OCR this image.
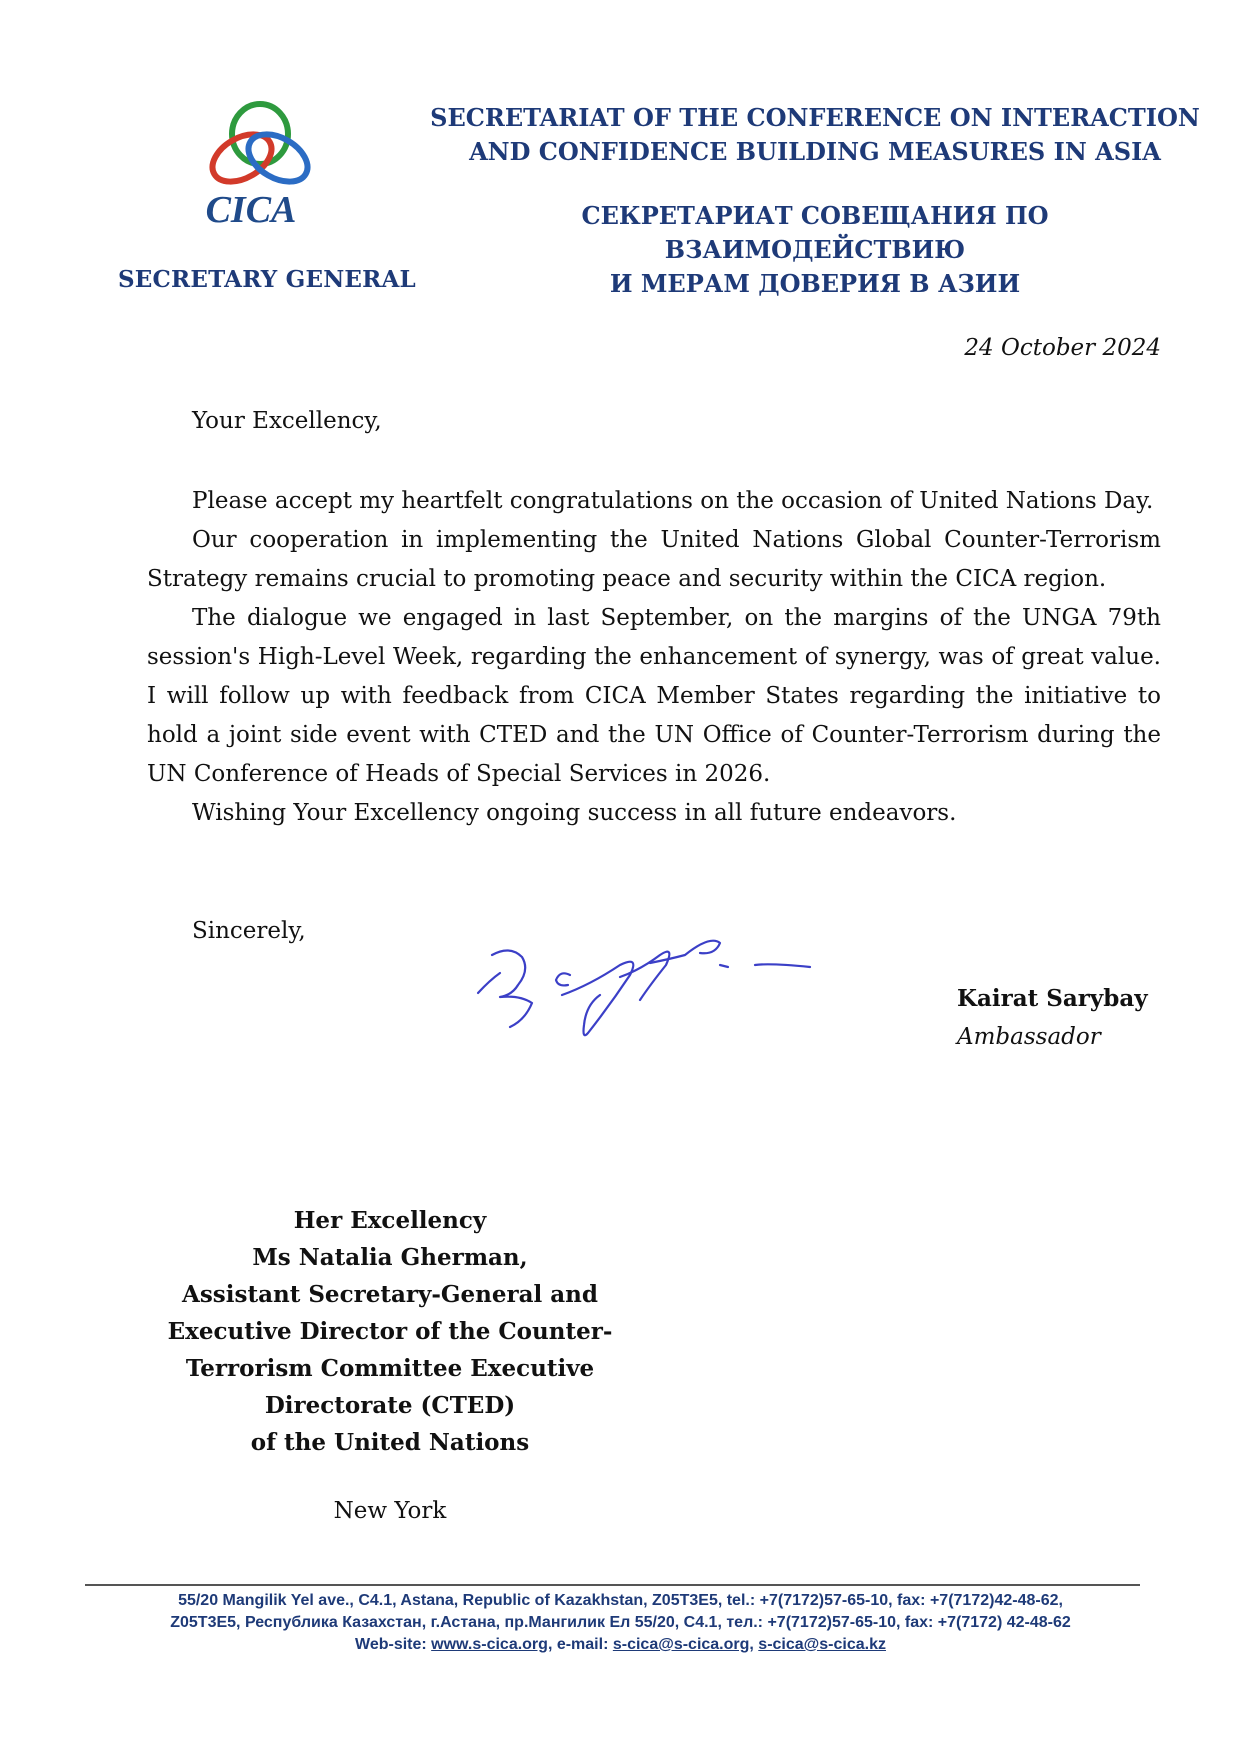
CICA
SECRETARY GENERAL
SECRETARIAT OF THE CONFERENCE ON INTERACTION
AND CONFIDENCE BUILDING MEASURES IN ASIA
СЕКРЕТАРИАТ СОВЕЩАНИЯ ПО ВЗАИМОДЕЙСТВИЮ
И МЕРАМ ДОВЕРИЯ В АЗИИ
24 October 2024
Your Excellency,

Please accept my heartfelt congratulations on the occasion of United Nations Day.

Our cooperation in implementing the United Nations Global Counter-Terrorism Strategy remains crucial to promoting peace and security within the CICA region.

The dialogue we engaged in last September, on the margins of the UNGA 79th session's High-Level Week, regarding the enhancement of synergy, was of great value. I will follow up with feedback from CICA Member States regarding the initiative to hold a joint side event with CTED and the UN Office of Counter-Terrorism during the UN Conference of Heads of Special Services in 2026.

Wishing Your Excellency ongoing success in all future endeavors.

Sincerely,
Kairat Sarybay
Ambassador
Her Excellency
Ms Natalia Gherman,
Assistant Secretary-General and
Executive Director of the Counter-
Terrorism Committee Executive
Directorate (CTED)
of the United Nations
New York
55/20 Mangilik Yel ave., C4.1, Astana, Republic of Kazakhstan, Z05T3E5, tel.: +7(7172)57-65-10, fax: +7(7172)42-48-62,
Z05T3E5, Республика Казахстан, г.Астана, пр.Мангилик Ел 55/20, С4.1, тел.: +7(7172)57-65-10, fax: +7(7172) 42-48-62
Web-site: www.s-cica.org, e-mail: s-cica@s-cica.org, s-cica@s-cica.kz
